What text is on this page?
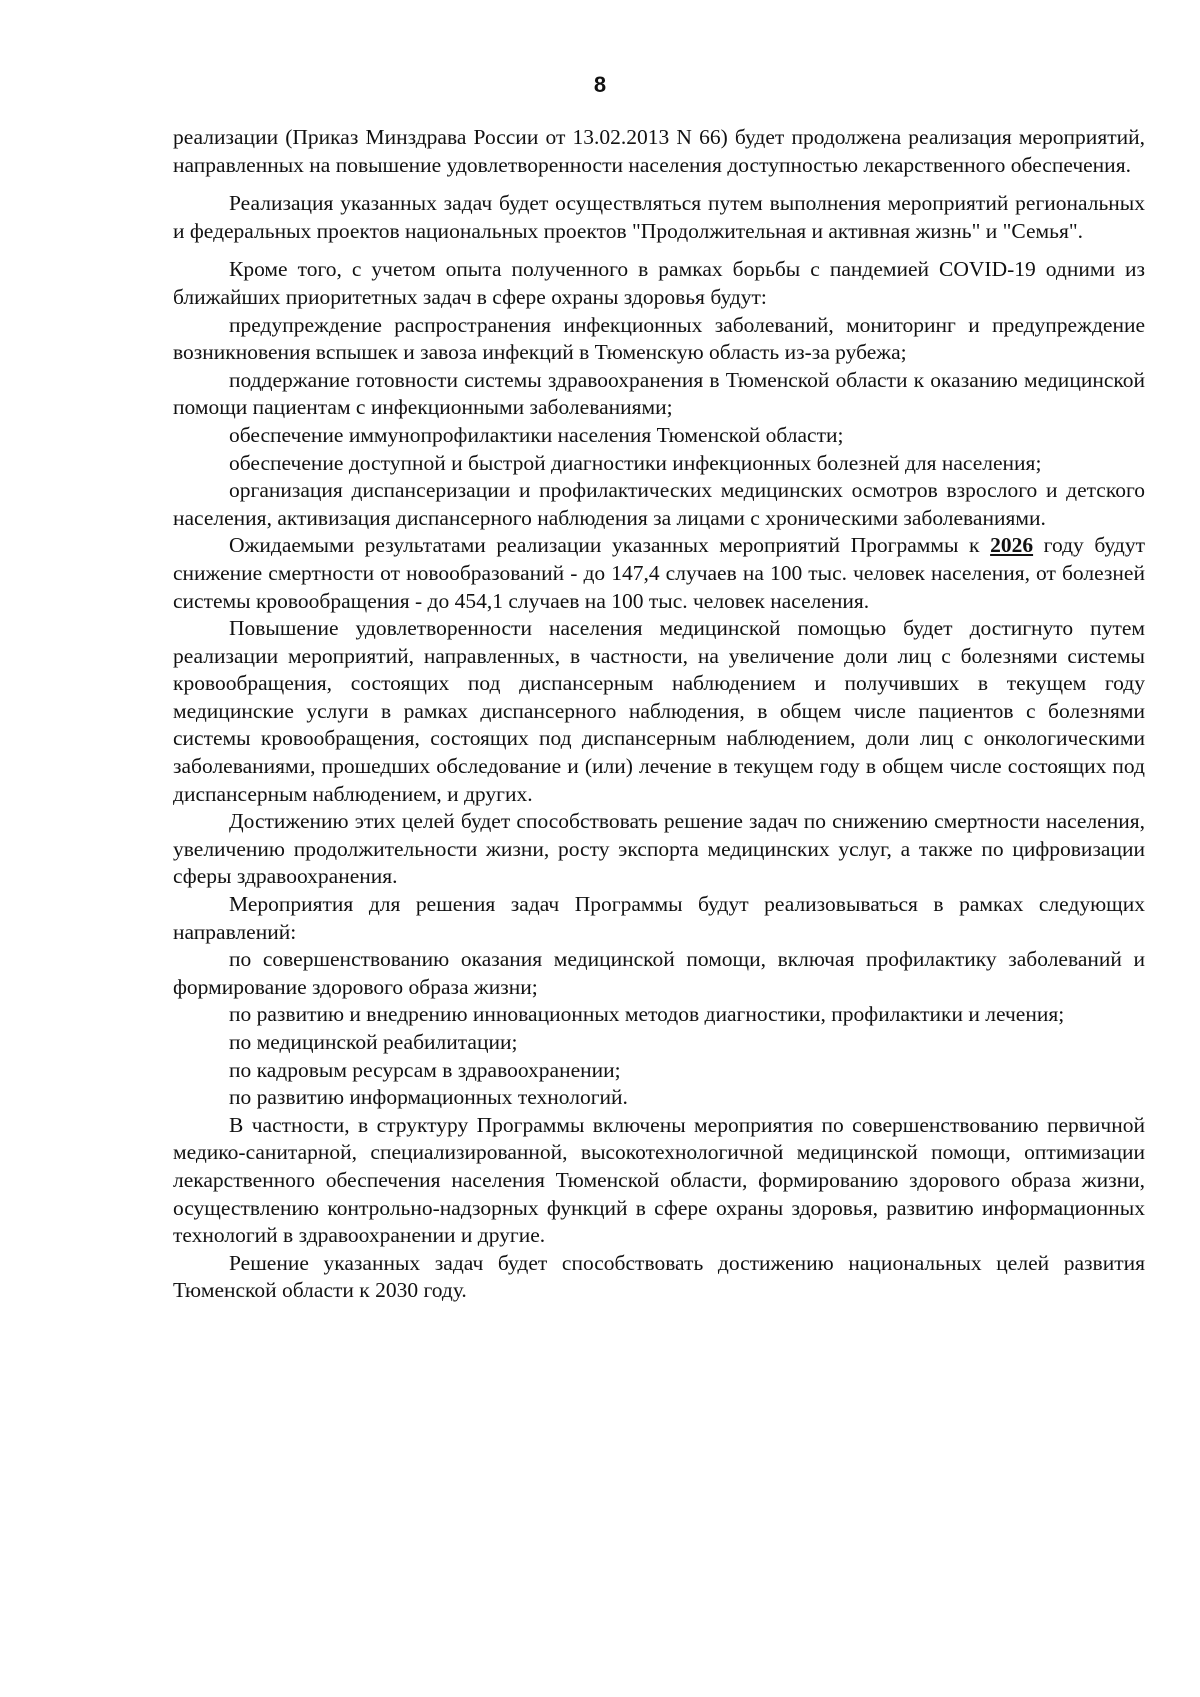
8

реализации (Приказ Минздрава России от 13.02.2013 N 66) будет продолжена реализация мероприятий, направленных на повышение удовлетворенности населения доступностью лекарственного обеспечения.

Реализация указанных задач будет осуществляться путем выполнения мероприятий региональных и федеральных проектов национальных проектов "Продолжительная и активная жизнь" и "Семья".

Кроме того, с учетом опыта полученного в рамках борьбы с пандемией COVID-19 одними из ближайших приоритетных задач в сфере охраны здоровья будут:

предупреждение распространения инфекционных заболеваний, мониторинг и предупреждение возникновения вспышек и завоза инфекций в Тюменскую область из-за рубежа;

поддержание готовности системы здравоохранения в Тюменской области к оказанию медицинской помощи пациентам с инфекционными заболеваниями;

обеспечение иммунопрофилактики населения Тюменской области;

обеспечение доступной и быстрой диагностики инфекционных болезней для населения;

организация диспансеризации и профилактических медицинских осмотров взрослого и детского населения, активизация диспансерного наблюдения за лицами с хроническими заболеваниями.

Ожидаемыми результатами реализации указанных мероприятий Программы к 2026 году будут снижение смертности от новообразований - до 147,4 случаев на 100 тыс. человек населения, от болезней системы кровообращения - до 454,1 случаев на 100 тыс. человек населения.

Повышение удовлетворенности населения медицинской помощью будет достигнуто путем реализации мероприятий, направленных, в частности, на увеличение доли лиц с болезнями системы кровообращения, состоящих под диспансерным наблюдением и получивших в текущем году медицинские услуги в рамках диспансерного наблюдения, в общем числе пациентов с болезнями системы кровообращения, состоящих под диспансерным наблюдением, доли лиц с онкологическими заболеваниями, прошедших обследование и (или) лечение в текущем году в общем числе состоящих под диспансерным наблюдением, и других.

Достижению этих целей будет способствовать решение задач по снижению смертности населения, увеличению продолжительности жизни, росту экспорта медицинских услуг, а также по цифровизации сферы здравоохранения.

Мероприятия для решения задач Программы будут реализовываться в рамках следующих направлений:

по совершенствованию оказания медицинской помощи, включая профилактику заболеваний и формирование здорового образа жизни;

по развитию и внедрению инновационных методов диагностики, профилактики и лечения;

по медицинской реабилитации;

по кадровым ресурсам в здравоохранении;

по развитию информационных технологий.

В частности, в структуру Программы включены мероприятия по совершенствованию первичной медико-санитарной, специализированной, высокотехнологичной медицинской помощи, оптимизации лекарственного обеспечения населения Тюменской области, формированию здорового образа жизни, осуществлению контрольно-надзорных функций в сфере охраны здоровья, развитию информационных технологий в здравоохранении и другие.

Решение указанных задач будет способствовать достижению национальных целей развития Тюменской области к 2030 году.
